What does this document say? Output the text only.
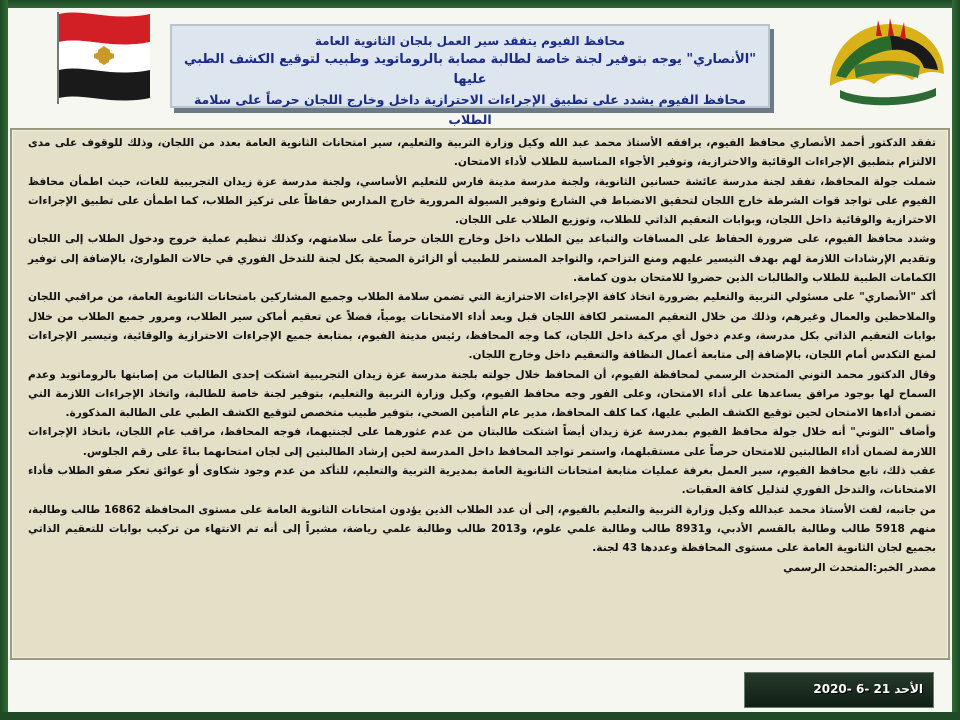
محافظ الفيوم يتفقد سير العمل بلجان الثانوية العامة
"الأنصاري" يوجه بتوفير لجنة خاصة لطالبة مصابة بالروماتويد وطبيب لتوقيع الكشف الطبي عليها
محافظ الفيوم يشدد على تطبيق الإجراءات الاحترازية داخل وخارج اللجان حرصاً على سلامة الطلاب

تفقد الدكتور أحمد الأنصاري محافظ الفيوم، يرافقه الأستاذ محمد عبد الله وكيل وزارة التربية والتعليم، سير امتحانات الثانوية العامة بعدد من اللجان، وذلك للوقوف على مدى الالتزام بتطبيق الإجراءات الوقائية والاحترازية، وتوفير الأجواء المناسبة للطلاب لأداء الامتحان.

شملت جولة المحافظ، تفقد لجنة مدرسة عائشة حسانين الثانوية، ولجنة مدرسة مدينة فارس للتعليم الأساسي، ولجنة مدرسة عزة زيدان التجريبية للغات، حيث اطمأن محافظ الفيوم على تواجد قوات الشرطة خارج اللجان لتحقيق الانضباط في الشارع وتوفير السيولة المرورية خارج المدارس حفاظاً على تركيز الطلاب، كما اطمأن على تطبيق الإجراءات الاحترازية والوقائية داخل اللجان، وبوابات التعقيم الذاتي للطلاب، وتوزيع الطلاب على اللجان.

وشدد محافظ الفيوم، على ضرورة الحفاظ على المسافات والتباعد بين الطلاب داخل وخارج اللجان حرصاً على سلامتهم، وكذلك تنظيم عملية خروج ودخول الطلاب إلى اللجان وتقديم الإرشادات اللازمة لهم بهدف التيسير عليهم ومنع التزاحم، والتواجد المستمر للطبيب أو الزائرة الصحية بكل لجنة للتدخل الفوري في حالات الطوارئ، بالإضافة إلى توفير الكمامات الطبية للطلاب والطالبات الذين حضروا للامتحان بدون كمامة.

أكد "الأنصاري" على مسئولي التربية والتعليم بضرورة اتخاذ كافة الإجراءات الاحترازية التي تضمن سلامة الطلاب وجميع المشاركين بامتحانات الثانوية العامة، من مراقبي اللجان والملاحظين والعمال وغيرهم، وذلك من خلال التعقيم المستمر لكافة اللجان قبل وبعد أداء الامتحانات يومياً، فضلاً عن تعقيم أماكن سير الطلاب، ومرور جميع الطلاب من خلال بوابات التعقيم الذاتي بكل مدرسة، وعدم دخول أي مركبة داخل اللجان، كما وجه المحافظ، رئيس مدينة الفيوم، بمتابعة جميع الإجراءات الاحترازية والوقائية، وتيسير الإجراءات لمنع التكدس أمام اللجان، بالإضافة إلى متابعة أعمال النظافة والتعقيم داخل وخارج اللجان.

وقال الدكتور محمد التوني المتحدث الرسمي لمحافظة الفيوم، أن المحافظ خلال جولته بلجنة مدرسة عزة زيدان التجريبية اشتكت إحدى الطالبات من إصابتها بالروماتويد وعدم السماح لها بوجود مرافق يساعدها على أداء الامتحان، وعلى الفور وجه محافظ الفيوم، وكيل وزارة التربية والتعليم، بتوفير لجنة خاصة للطالبة، واتخاذ الإجراءات اللازمة التي تضمن أداءها الامتحان لحين توقيع الكشف الطبي عليها، كما كلف المحافظ، مدير عام التأمين الصحي، بتوفير طبيب متخصص لتوقيع الكشف الطبي على الطالبة المذكورة.

وأضاف "التوني" أنه خلال جولة محافظ الفيوم بمدرسة عزة زيدان أيضاً اشتكت طالبتان من عدم عثورهما على لجنتيهما، فوجه المحافظ، مراقب عام اللجان، باتخاذ الإجراءات اللازمة لضمان أداء الطالبتين للامتحان حرصاً على مستقبلهما، واستمر تواجد المحافظ داخل المدرسة لحين إرشاد الطالبتين إلى لجان امتحانهما بناءً على رقم الجلوس.

عقب ذلك، تابع محافظ الفيوم، سير العمل بغرفة عمليات متابعة امتحانات الثانوية العامة بمديرية التربية والتعليم، للتأكد من عدم وجود شكاوى أو عوائق تعكر صفو الطلاب فأداء الامتحانات، والتدخل الفوري لتذليل كافة العقبات.

من جانبه، لفت الأستاذ محمد عبدالله وكيل وزارة التربية والتعليم بالفيوم، إلى أن عدد الطلاب الذين يؤدون امتحانات الثانوية العامة على مستوى المحافظة 16862 طالب وطالبة، منهم 5918 طالب وطالبة بالقسم الأدبي، و8931 طالب وطالبة علمي علوم، و2013 طالب وطالبة علمي رياضة، مشيراً إلى أنه تم الانتهاء من تركيب بوابات للتعقيم الذاتي بجميع لجان الثانوية العامة على مستوى المحافظة وعددها 43 لجنة.

مصدر الخبر:المتحدث الرسمي

الأحد 21 -6 -2020
